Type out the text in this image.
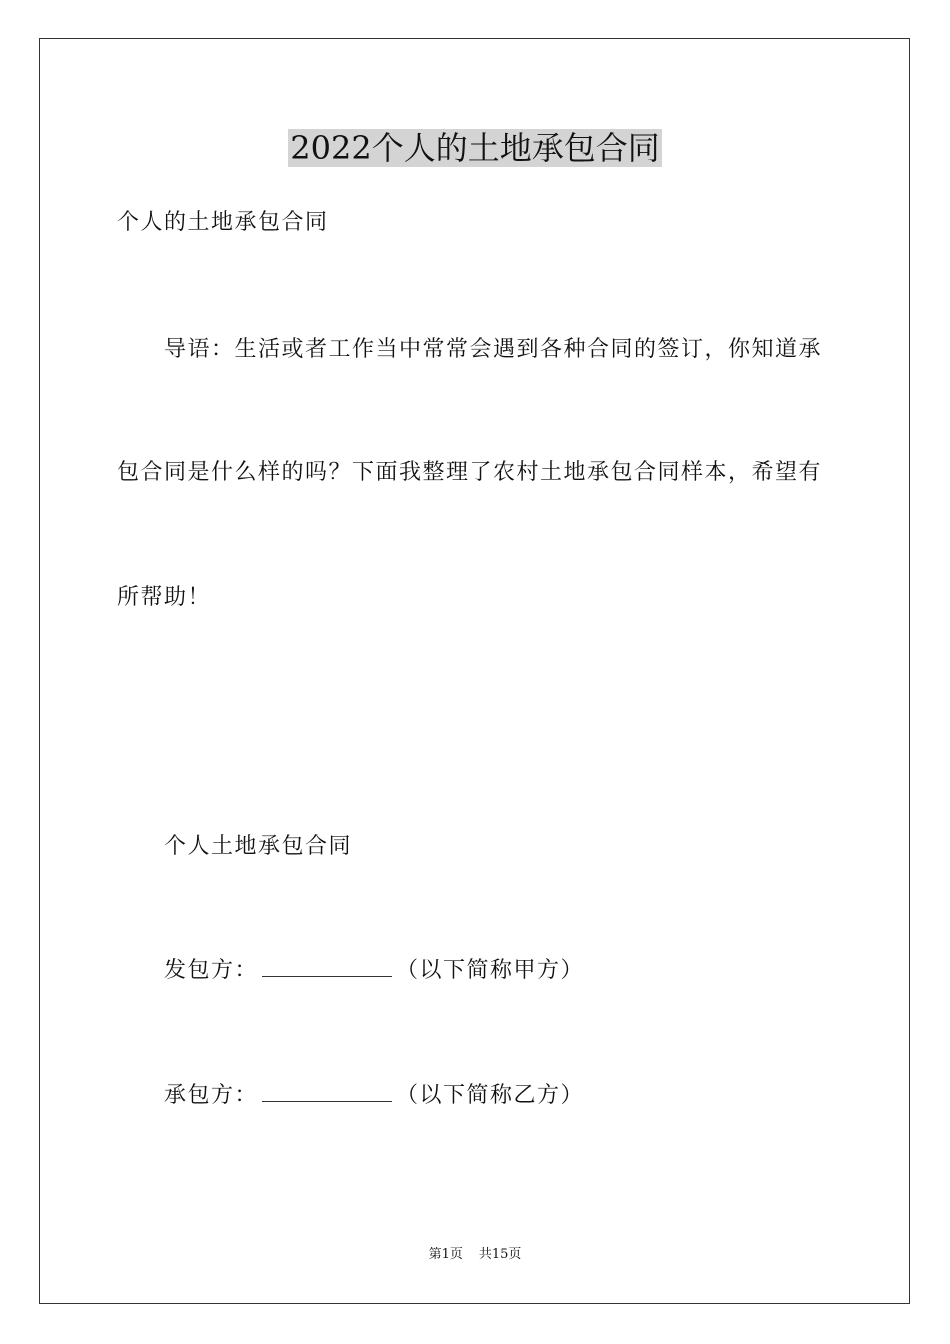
2022个人的土地承包合同

个人的土地承包合同

导语：生活或者工作当中常常会遇到各种合同的签订，你知道承

包合同是什么样的吗？下面我整理了农村土地承包合同样本，希望有

所帮助！

个人土地承包合同

发包方：	（以下简称甲方）

承包方：	（以下简称乙方）

第1页 共15页
